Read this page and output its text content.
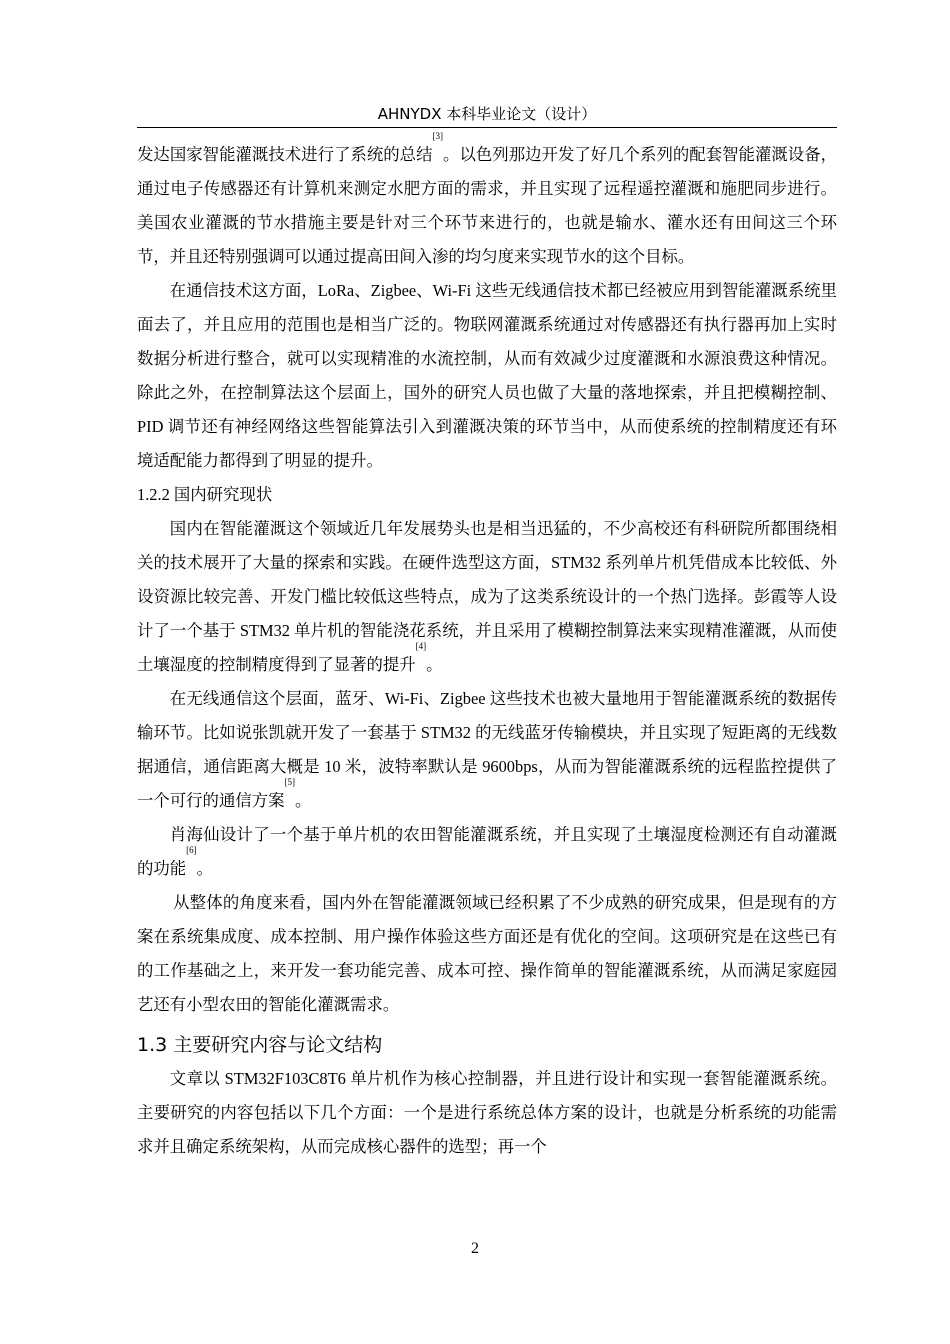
AHNYDX 本科毕业论文（设计）

发达国家智能灌溉技术进行了系统的总结[3]。以色列那边开发了好几个系列的配套智能灌溉设备，通过电子传感器还有计算机来测定水肥方面的需求，并且实现了远程遥控灌溉和施肥同步进行。美国农业灌溉的节水措施主要是针对三个环节来进行的，也就是输水、灌水还有田间这三个环节，并且还特别强调可以通过提高田间入渗的均匀度来实现节水的这个目标。

在通信技术这方面，LoRa、Zigbee、Wi-Fi 这些无线通信技术都已经被应用到智能灌溉系统里面去了，并且应用的范围也是相当广泛的。物联网灌溉系统通过对传感器还有执行器再加上实时数据分析进行整合，就可以实现精准的水流控制，从而有效减少过度灌溉和水源浪费这种情况。除此之外，在控制算法这个层面上，国外的研究人员也做了大量的落地探索，并且把模糊控制、PID 调节还有神经网络这些智能算法引入到灌溉决策的环节当中，从而使系统的控制精度还有环境适配能力都得到了明显的提升。

1.2.2 国内研究现状

国内在智能灌溉这个领域近几年发展势头也是相当迅猛的，不少高校还有科研院所都围绕相关的技术展开了大量的探索和实践。在硬件选型这方面，STM32 系列单片机凭借成本比较低、外设资源比较完善、开发门槛比较低这些特点，成为了这类系统设计的一个热门选择。彭霞等人设计了一个基于 STM32 单片机的智能浇花系统，并且采用了模糊控制算法来实现精准灌溉，从而使土壤湿度的控制精度得到了显著的提升[4]。

在无线通信这个层面，蓝牙、Wi-Fi、Zigbee 这些技术也被大量地用于智能灌溉系统的数据传输环节。比如说张凯就开发了一套基于 STM32 的无线蓝牙传输模块，并且实现了短距离的无线数据通信，通信距离大概是 10 米，波特率默认是 9600bps，从而为智能灌溉系统的远程监控提供了一个可行的通信方案[5]。

肖海仙设计了一个基于单片机的农田智能灌溉系统，并且实现了土壤湿度检测还有自动灌溉的功能[6]。

从整体的角度来看，国内外在智能灌溉领域已经积累了不少成熟的研究成果，但是现有的方案在系统集成度、成本控制、用户操作体验这些方面还是有优化的空间。这项研究是在这些已有的工作基础之上，来开发一套功能完善、成本可控、操作简单的智能灌溉系统，从而满足家庭园艺还有小型农田的智能化灌溉需求。

1.3 主要研究内容与论文结构

文章以 STM32F103C8T6 单片机作为核心控制器，并且进行设计和实现一套智能灌溉系统。主要研究的内容包括以下几个方面：一个是进行系统总体方案的设计，也就是分析系统的功能需求并且确定系统架构，从而完成核心器件的选型；再一个

2
